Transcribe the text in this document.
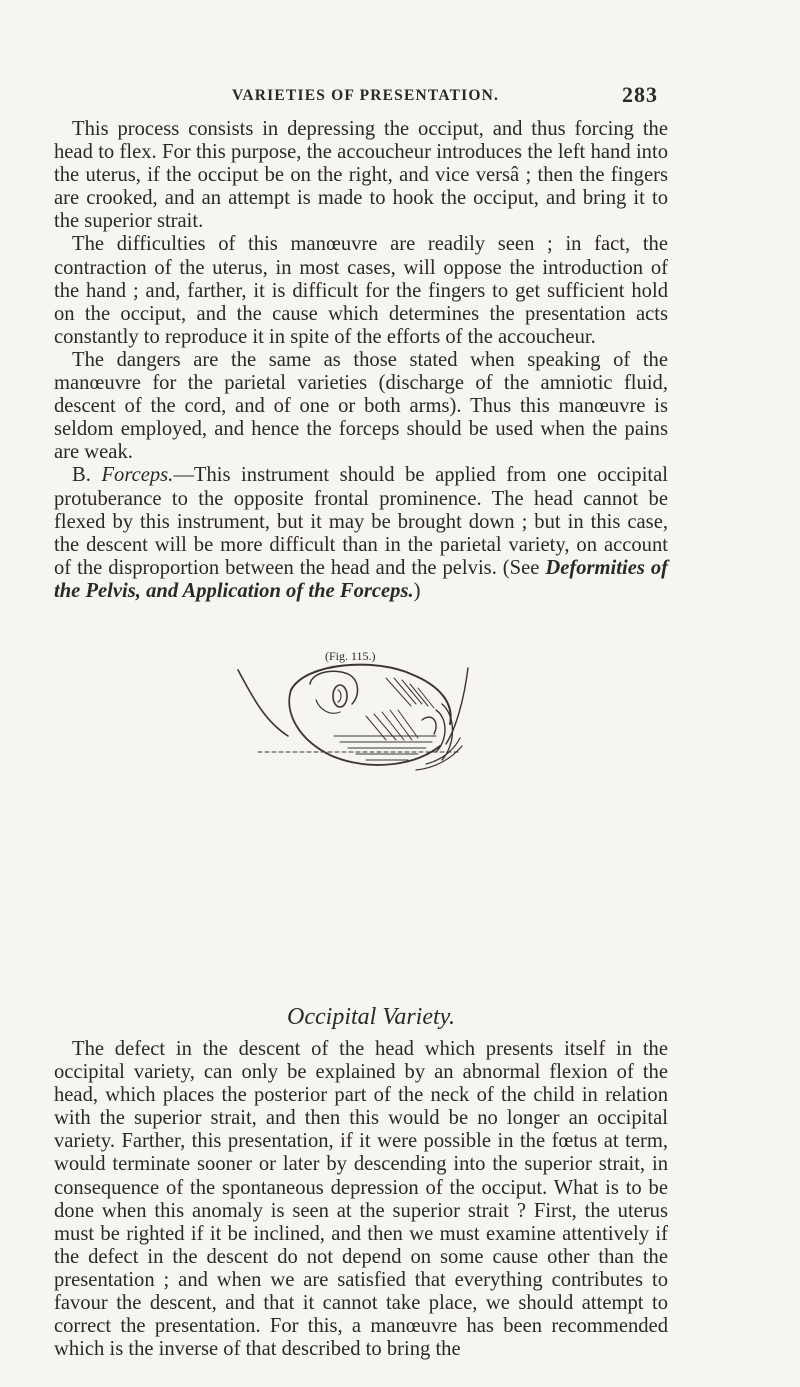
VARIETIES OF PRESENTATION.	283

This process consists in depressing the occiput, and thus forcing the head to flex. For this purpose, the accoucheur introduces the left hand into the uterus, if the occiput be on the right, and vice versâ ; then the fingers are crooked, and an attempt is made to hook the occiput, and bring it to the superior strait.

The difficulties of this manœuvre are readily seen ; in fact, the contraction of the uterus, in most cases, will oppose the introduction of the hand ; and, farther, it is difficult for the fingers to get sufficient hold on the occiput, and the cause which determines the presentation acts constantly to reproduce it in spite of the efforts of the accoucheur.

The dangers are the same as those stated when speaking of the manœuvre for the parietal varieties (discharge of the amniotic fluid, descent of the cord, and of one or both arms). Thus this manœuvre is seldom employed, and hence the forceps should be used when the pains are weak.

B. Forceps.—This instrument should be applied from one occipital protuberance to the opposite frontal prominence. The head cannot be flexed by this instrument, but it may be brought down ; but in this case, the descent will be more difficult than in the parietal variety, on account of the disproportion between the head and the pelvis. (See Deformities of the Pelvis, and Application of the Forceps.)

(Fig. 115.)
Occipital Variety.

The defect in the descent of the head which presents itself in the occipital variety, can only be explained by an abnormal flexion of the head, which places the posterior part of the neck of the child in relation with the superior strait, and then this would be no longer an occipital variety. Farther, this presentation, if it were possible in the fœtus at term, would terminate sooner or later by descending into the superior strait, in consequence of the spontaneous depression of the occiput. What is to be done when this anomaly is seen at the superior strait ? First, the uterus must be righted if it be inclined, and then we must examine attentively if the defect in the descent do not depend on some cause other than the presentation ; and when we are satisfied that everything contributes to favour the descent, and that it cannot take place, we should attempt to correct the presentation. For this, a manœuvre has been recommended which is the inverse of that described to bring the
